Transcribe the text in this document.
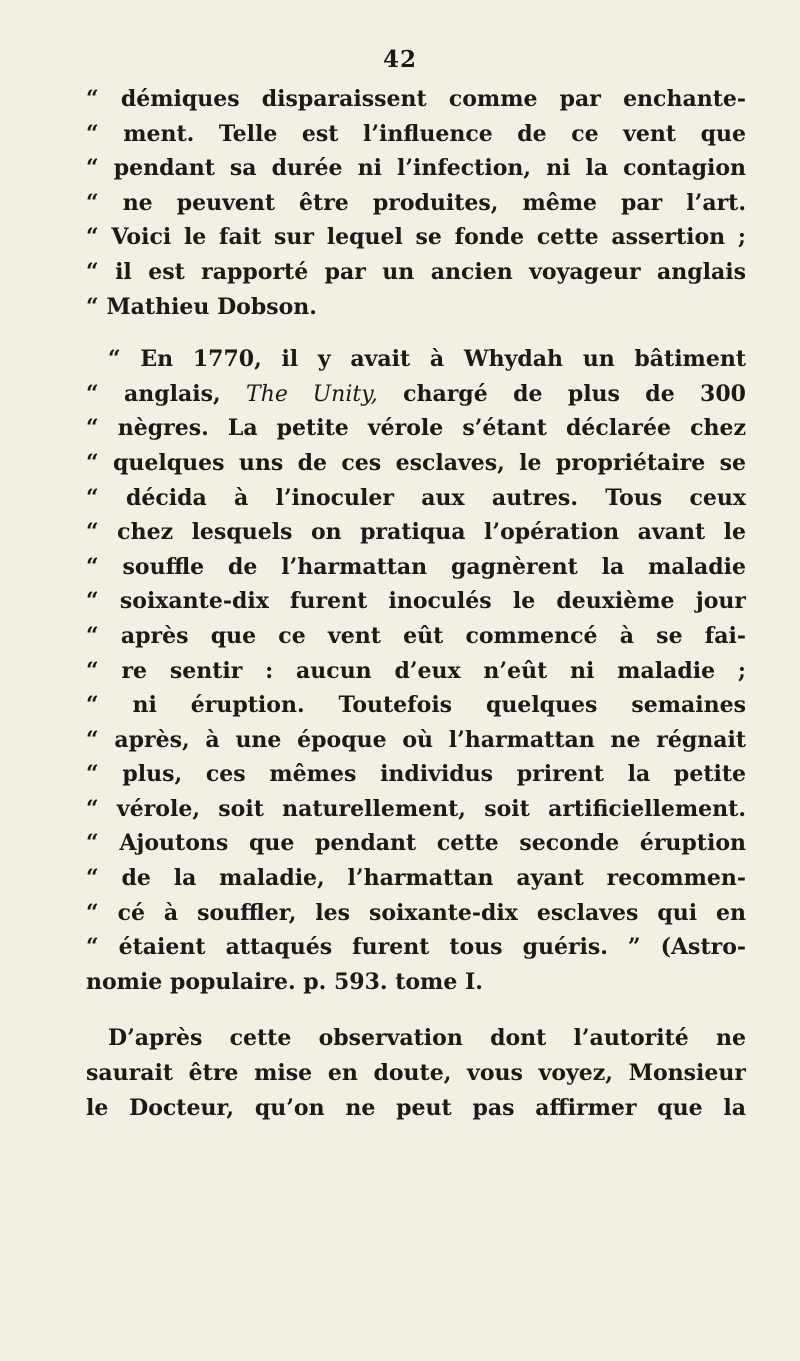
42
“ démiques disparaissent comme par enchante-
“ ment. Telle est l’influence de ce vent que
“ pendant sa durée ni l’infection, ni la contagion
“ ne peuvent être produites, même par l’art.
“ Voici le fait sur lequel se fonde cette assertion ;
“ il est rapporté par un ancien voyageur anglais
“ Mathieu Dobson.
“ En 1770, il y avait à Whydah un bâtiment
“ anglais, The Unity, chargé de plus de 300
“ nègres. La petite vérole s’étant déclarée chez
“ quelques uns de ces esclaves, le propriétaire se
“ décida à l’inoculer aux autres. Tous ceux
“ chez lesquels on pratiqua l’opération avant le
“ souffle de l’harmattan gagnèrent la maladie
“ soixante-dix furent inoculés le deuxième jour
“ après que ce vent eût commencé à se fai-
“ re sentir : aucun d’eux n’eût ni maladie ;
“ ni éruption. Toutefois quelques semaines
“ après, à une époque où l’harmattan ne régnait
“ plus, ces mêmes individus prirent la petite
“ vérole, soit naturellement, soit artificiellement.
“ Ajoutons que pendant cette seconde éruption
“ de la maladie, l’harmattan ayant recommen-
“ cé à souffler, les soixante-dix esclaves qui en
“ étaient attaqués furent tous guéris. ” (Astro-
nomie populaire. p. 593. tome I.
D’après cette observation dont l’autorité ne
saurait être mise en doute, vous voyez, Monsieur
le Docteur, qu’on ne peut pas affirmer que la
